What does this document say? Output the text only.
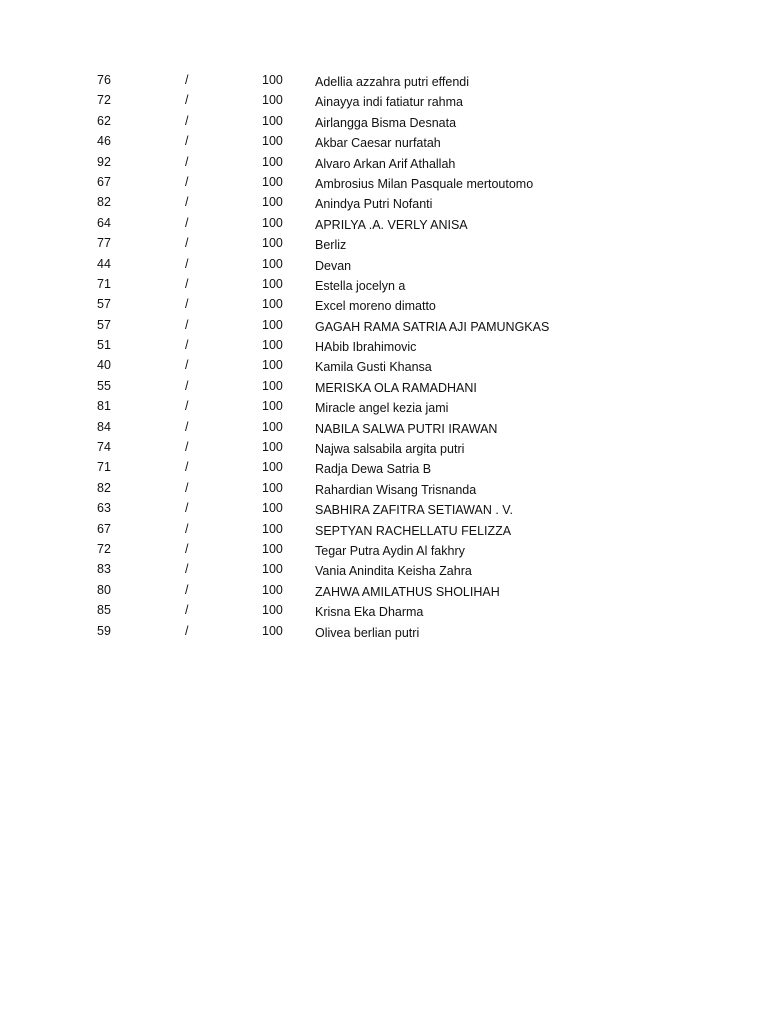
76	/	100	Adellia azzahra putri effendi
72	/	100	Ainayya indi fatiatur rahma
62	/	100	Airlangga Bisma Desnata
46	/	100	Akbar Caesar nurfatah
92	/	100	Alvaro Arkan Arif Athallah
67	/	100	Ambrosius Milan Pasquale mertoutomo
82	/	100	Anindya Putri Nofanti
64	/	100	APRILYA .A. VERLY ANISA
77	/	100	Berliz
44	/	100	Devan
71	/	100	Estella jocelyn a
57	/	100	Excel moreno dimatto
57	/	100	GAGAH RAMA SATRIA AJI PAMUNGKAS
51	/	100	HAbib Ibrahimovic
40	/	100	Kamila Gusti Khansa
55	/	100	MERISKA OLA RAMADHANI
81	/	100	Miracle angel kezia jami
84	/	100	NABILA SALWA PUTRI IRAWAN
74	/	100	Najwa salsabila argita putri
71	/	100	Radja Dewa Satria B
82	/	100	Rahardian Wisang Trisnanda
63	/	100	SABHIRA ZAFITRA SETIAWAN . V.
67	/	100	SEPTYAN RACHELLATU FELIZZA
72	/	100	Tegar Putra Aydin Al fakhry
83	/	100	Vania Anindita Keisha Zahra
80	/	100	ZAHWA AMILATHUS SHOLIHAH
85	/	100	Krisna Eka Dharma
59	/	100	Olivea berlian putri
